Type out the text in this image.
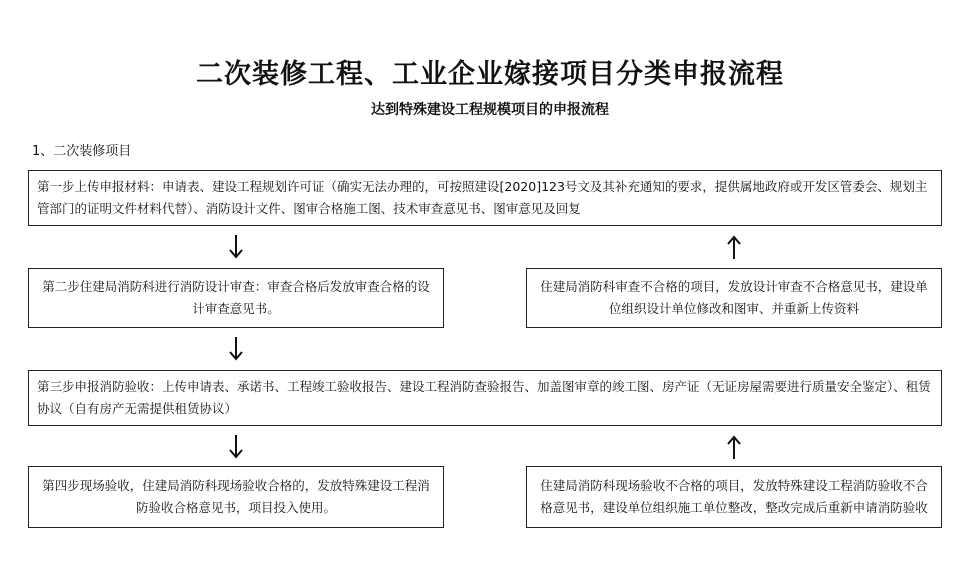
二次装修工程、工业企业嫁接项目分类申报流程
达到特殊建设工程规模项目的申报流程
1、二次装修项目
第一步上传申报材料：申请表、建设工程规划许可证（确实无法办理的，可按照建设[2020]123号文及其补充通知的要求，提供属地政府或开发区管委会、规划主管部门的证明文件材料代替）、消防设计文件、图审合格施工图、技术审查意见书、图审意见及回复
第二步住建局消防科进行消防设计审查：审查合格后发放审查合格的设计审查意见书。
住建局消防科审查不合格的项目，发放设计审查不合格意见书，建设单位组织设计单位修改和图审、并重新上传资料
第三步申报消防验收：上传申请表、承诺书、工程竣工验收报告、建设工程消防查验报告、加盖图审章的竣工图、房产证（无证房屋需要进行质量安全鉴定）、租赁协议（自有房产无需提供租赁协议）
第四步现场验收，住建局消防科现场验收合格的，发放特殊建设工程消防验收合格意见书，项目投入使用。
住建局消防科现场验收不合格的项目，发放特殊建设工程消防验收不合格意见书，建设单位组织施工单位整改，整改完成后重新申请消防验收
